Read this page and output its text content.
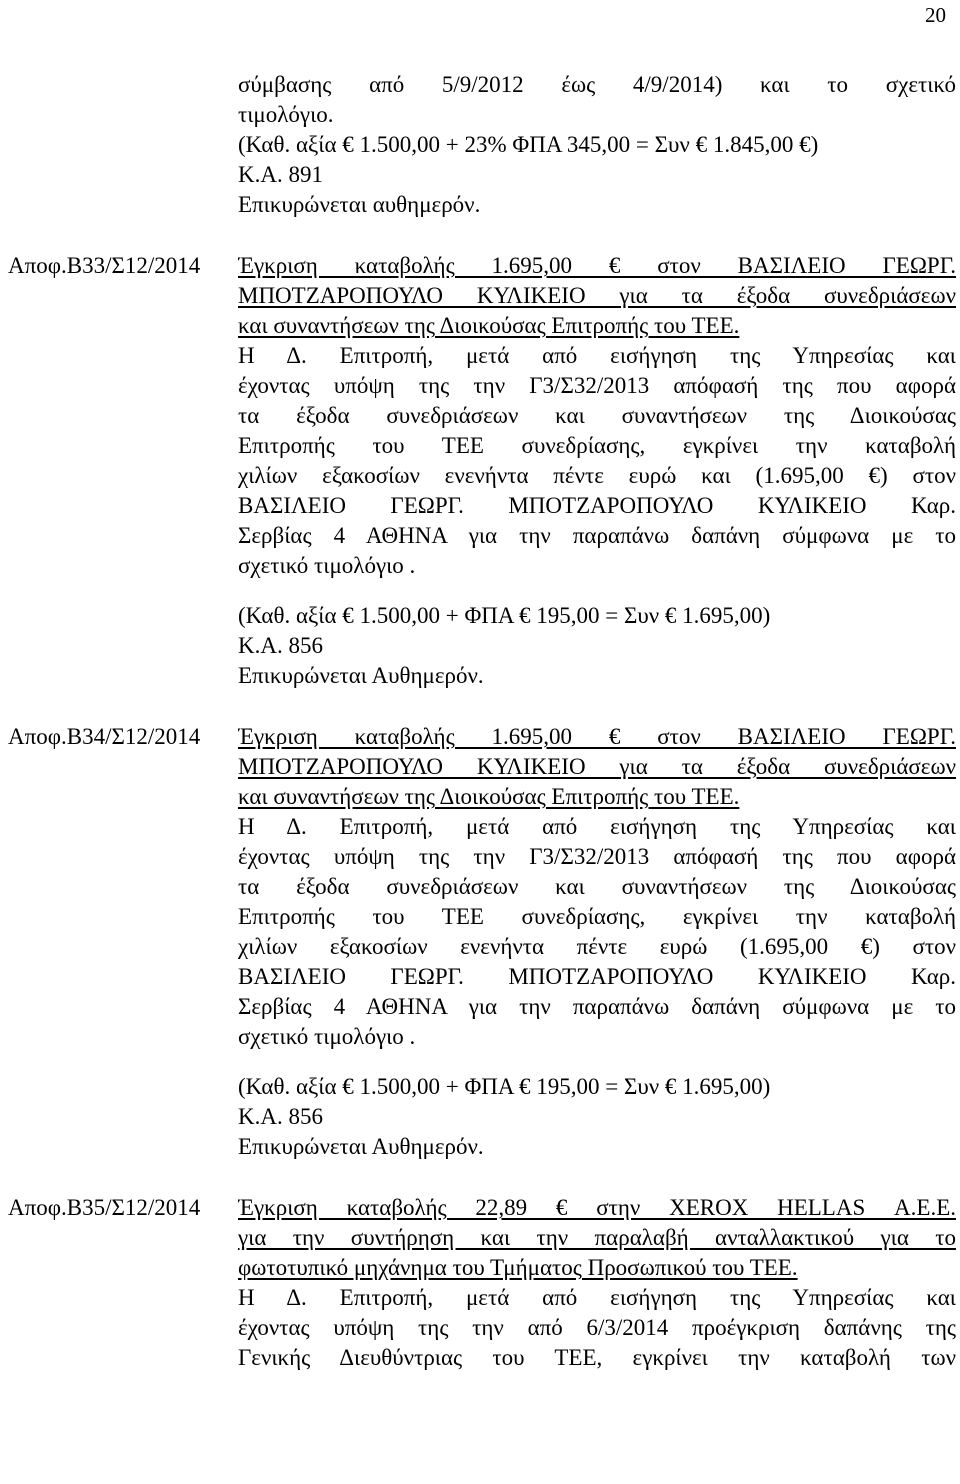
20
σύμβασης από 5/9/2012 έως 4/9/2014) και το σχετικό
τιμολόγιο.
(Καθ. αξία € 1.500,00 + 23% ΦΠΑ 345,00 = Συν € 1.845,00 €)
Κ.Α. 891
Επικυρώνεται αυθημερόν.
Αποφ.Β33/Σ12/2014 Έγκριση καταβολής 1.695,00 € στον ΒΑΣΙΛΕΙΟ ΓΕΩΡΓ.
ΜΠΟΤΖΑΡΟΠΟΥΛΟ ΚΥΛΙΚΕΙΟ για τα έξοδα συνεδριάσεων
και συναντήσεων της Διοικούσας Επιτροπής του ΤΕΕ.
Η Δ. Επιτροπή, μετά από εισήγηση της Υπηρεσίας και
έχοντας υπόψη της την Γ3/Σ32/2013 απόφασή της που αφορά
τα έξοδα συνεδριάσεων και συναντήσεων της Διοικούσας
Επιτροπής του ΤΕΕ συνεδρίασης, εγκρίνει την καταβολή
χιλίων εξακοσίων ενενήντα πέντε ευρώ και (1.695,00 €) στον
ΒΑΣΙΛΕΙΟ ΓΕΩΡΓ. ΜΠΟΤΖΑΡΟΠΟΥΛΟ ΚΥΛΙΚΕΙΟ Καρ.
Σερβίας 4 ΑΘΗΝΑ για την παραπάνω δαπάνη σύμφωνα με το
σχετικό τιμολόγιο .
(Καθ. αξία € 1.500,00 + ΦΠΑ € 195,00 = Συν € 1.695,00)
Κ.Α. 856
Επικυρώνεται Αυθημερόν.
Αποφ.Β34/Σ12/2014 Έγκριση καταβολής 1.695,00 € στον ΒΑΣΙΛΕΙΟ ΓΕΩΡΓ.
ΜΠΟΤΖΑΡΟΠΟΥΛΟ ΚΥΛΙΚΕΙΟ για τα έξοδα συνεδριάσεων
και συναντήσεων της Διοικούσας Επιτροπής του ΤΕΕ.
Η Δ. Επιτροπή, μετά από εισήγηση της Υπηρεσίας και
έχοντας υπόψη της την Γ3/Σ32/2013 απόφασή της που αφορά
τα έξοδα συνεδριάσεων και συναντήσεων της Διοικούσας
Επιτροπής του ΤΕΕ συνεδρίασης, εγκρίνει την καταβολή
χιλίων εξακοσίων ενενήντα πέντε ευρώ (1.695,00 €) στον
ΒΑΣΙΛΕΙΟ ΓΕΩΡΓ. ΜΠΟΤΖΑΡΟΠΟΥΛΟ ΚΥΛΙΚΕΙΟ Καρ.
Σερβίας 4 ΑΘΗΝΑ για την παραπάνω δαπάνη σύμφωνα με το
σχετικό τιμολόγιο .
(Καθ. αξία € 1.500,00 + ΦΠΑ € 195,00 = Συν € 1.695,00)
Κ.Α. 856
Επικυρώνεται Αυθημερόν.
Αποφ.Β35/Σ12/2014 Έγκριση καταβολής 22,89 € στην XEROX HELLAS Α.Ε.Ε.
για την συντήρηση και την παραλαβή ανταλλακτικού για το
φωτοτυπικό μηχάνημα του Τμήματος Προσωπικού του ΤΕΕ.
Η Δ. Επιτροπή, μετά από εισήγηση της Υπηρεσίας και
έχοντας υπόψη της την από 6/3/2014 προέγκριση δαπάνης της
Γενικής Διευθύντριας του ΤΕΕ, εγκρίνει την καταβολή των
